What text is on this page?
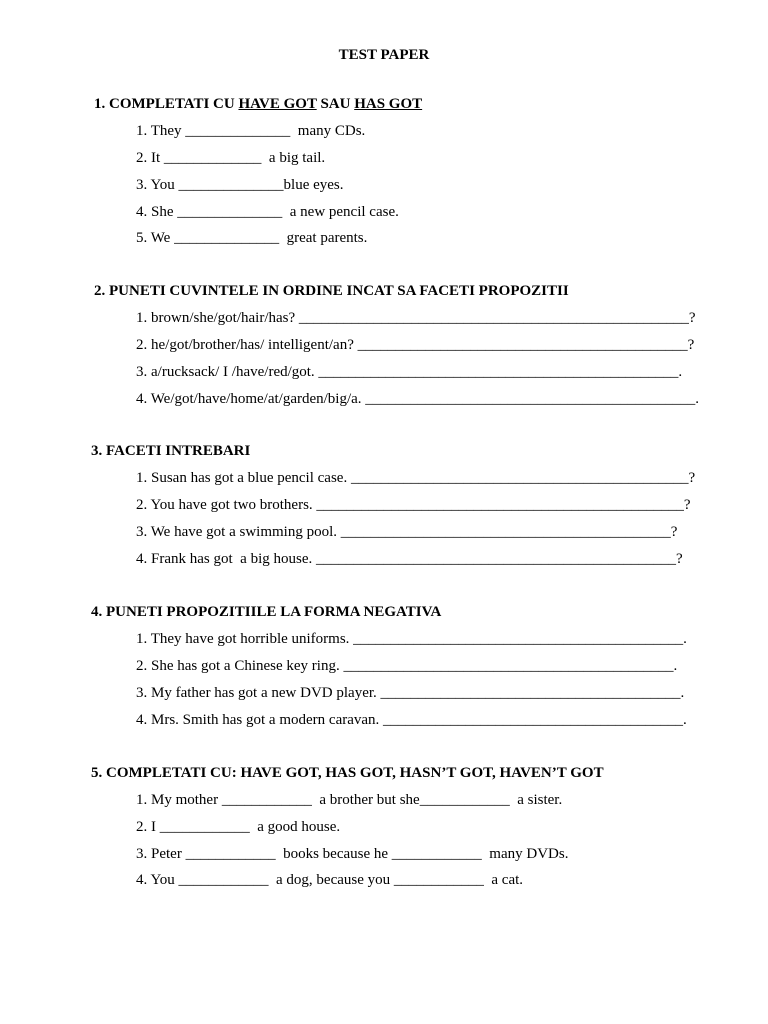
TEST PAPER
1. COMPLETATI CU HAVE GOT SAU HAS GOT
1. They ______________  many CDs.
2. It _____________  a big tail.
3. You ______________blue eyes.
4. She ______________  a new pencil case.
5. We ______________  great parents.
2. PUNETI CUVINTELE IN ORDINE INCAT SA FACETI PROPOZITII
1. brown/she/got/hair/has? ____________________________________________________?
2. he/got/brother/has/ intelligent/an? ____________________________________________?
3. a/rucksack/ I /have/red/got. ________________________________________________.
4. We/got/have/home/at/garden/big/a. ____________________________________________.
3. FACETI INTREBARI
1. Susan has got a blue pencil case. _____________________________________________?
2. You have got two brothers. _________________________________________________?
3. We have got a swimming pool. ____________________________________________?
4. Frank has got  a big house. ________________________________________________?
4. PUNETI PROPOZITIILE LA FORMA NEGATIVA
1. They have got horrible uniforms. ____________________________________________.
2. She has got a Chinese key ring. ____________________________________________.
3. My father has got a new DVD player. ________________________________________.
4. Mrs. Smith has got a modern caravan. ________________________________________.
5. COMPLETATI CU: HAVE GOT, HAS GOT, HASN’T GOT, HAVEN’T GOT
1. My mother ____________  a brother but she____________  a sister.
2. I ____________  a good house.
3. Peter ____________  books because he ____________  many DVDs.
4. You ____________  a dog, because you ____________  a cat.
